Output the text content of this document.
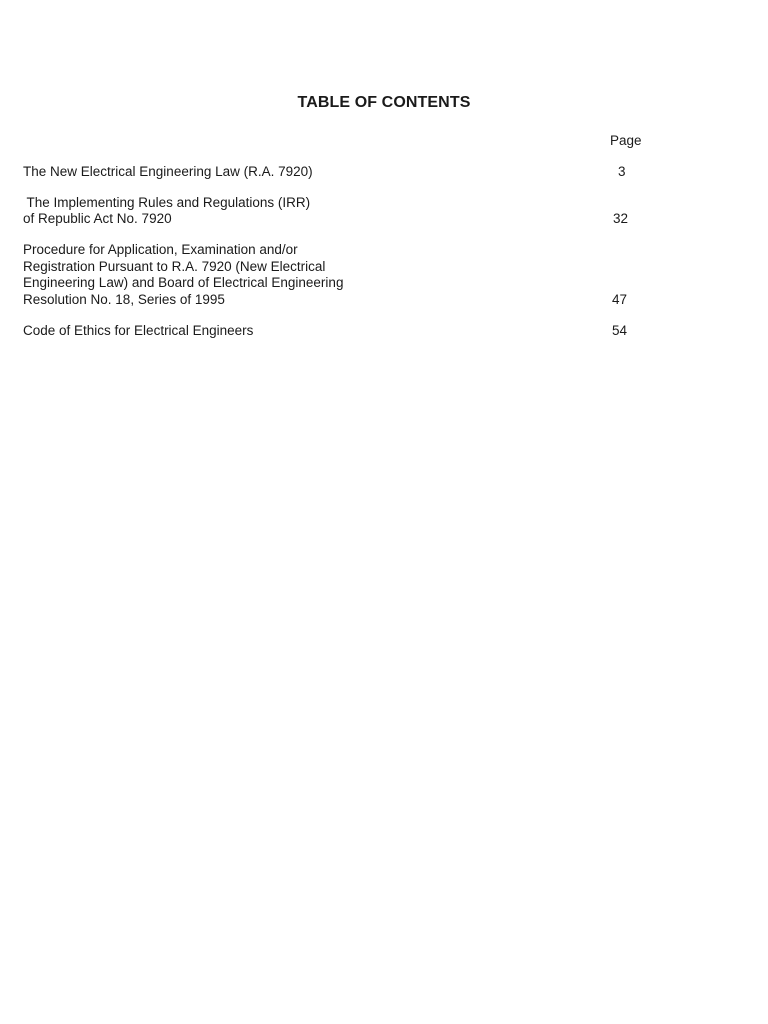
TABLE OF CONTENTS
Page
The New Electrical Engineering Law (R.A. 7920)	3
The Implementing Rules and Regulations (IRR)
of Republic Act No. 7920	32
Procedure for Application, Examination and/or
Registration Pursuant to R.A. 7920 (New Electrical
Engineering Law) and Board of Electrical Engineering
Resolution No. 18, Series of 1995	47
Code of Ethics for Electrical Engineers	54
